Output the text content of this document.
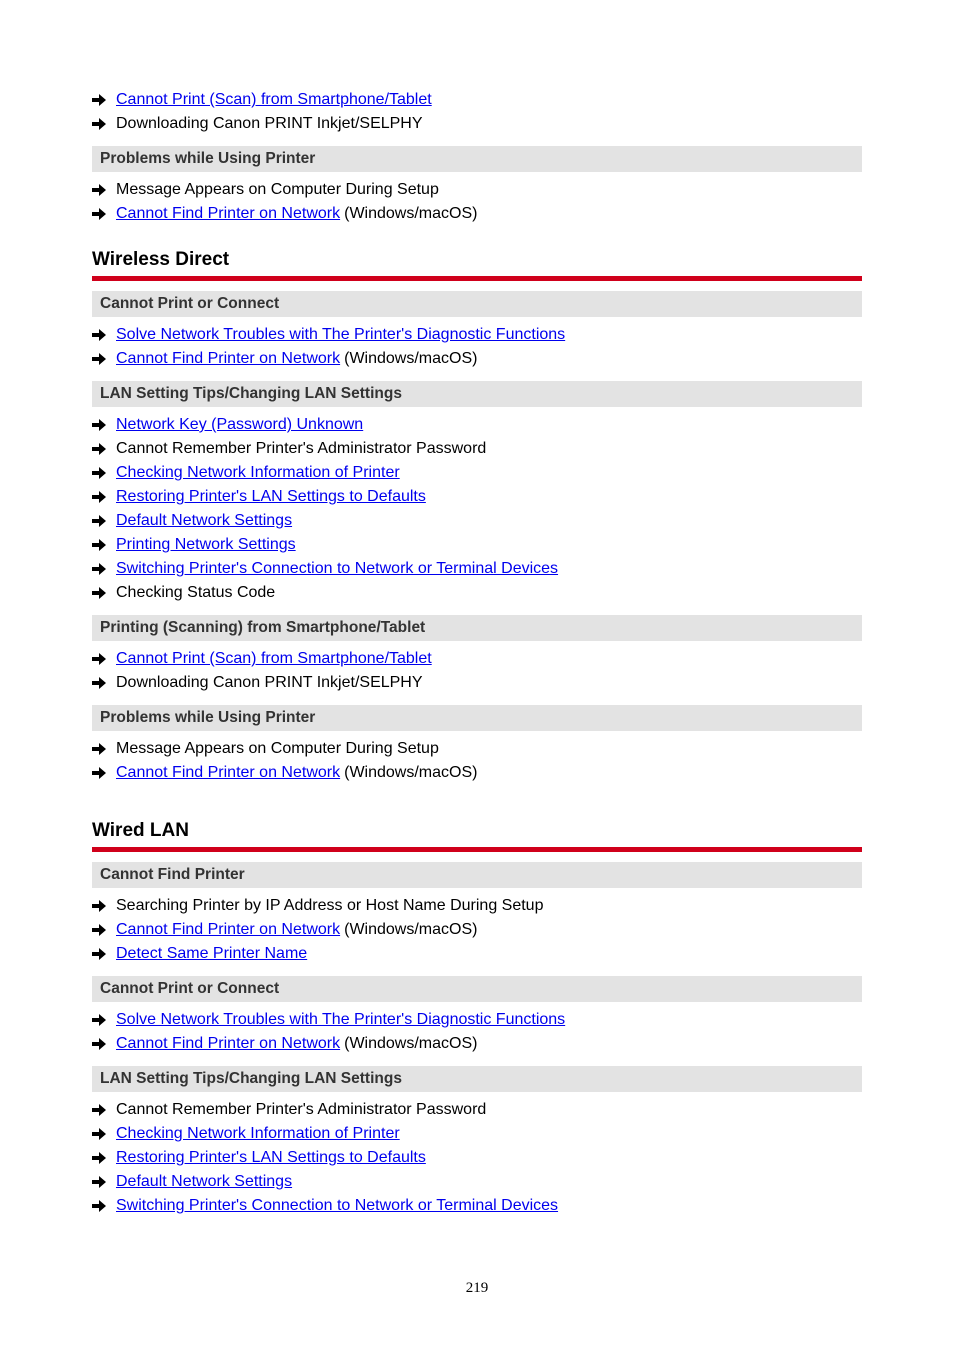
Cannot Print (Scan) from Smartphone/Tablet
Downloading Canon PRINT Inkjet/SELPHY
Problems while Using Printer
Message Appears on Computer During Setup
Cannot Find Printer on Network (Windows/macOS)
Wireless Direct
Cannot Print or Connect
Solve Network Troubles with The Printer's Diagnostic Functions
Cannot Find Printer on Network (Windows/macOS)
LAN Setting Tips/Changing LAN Settings
Network Key (Password) Unknown
Cannot Remember Printer's Administrator Password
Checking Network Information of Printer
Restoring Printer's LAN Settings to Defaults
Default Network Settings
Printing Network Settings
Switching Printer's Connection to Network or Terminal Devices
Checking Status Code
Printing (Scanning) from Smartphone/Tablet
Cannot Print (Scan) from Smartphone/Tablet
Downloading Canon PRINT Inkjet/SELPHY
Problems while Using Printer
Message Appears on Computer During Setup
Cannot Find Printer on Network (Windows/macOS)
Wired LAN
Cannot Find Printer
Searching Printer by IP Address or Host Name During Setup
Cannot Find Printer on Network (Windows/macOS)
Detect Same Printer Name
Cannot Print or Connect
Solve Network Troubles with The Printer's Diagnostic Functions
Cannot Find Printer on Network (Windows/macOS)
LAN Setting Tips/Changing LAN Settings
Cannot Remember Printer's Administrator Password
Checking Network Information of Printer
Restoring Printer's LAN Settings to Defaults
Default Network Settings
Switching Printer's Connection to Network or Terminal Devices
219
